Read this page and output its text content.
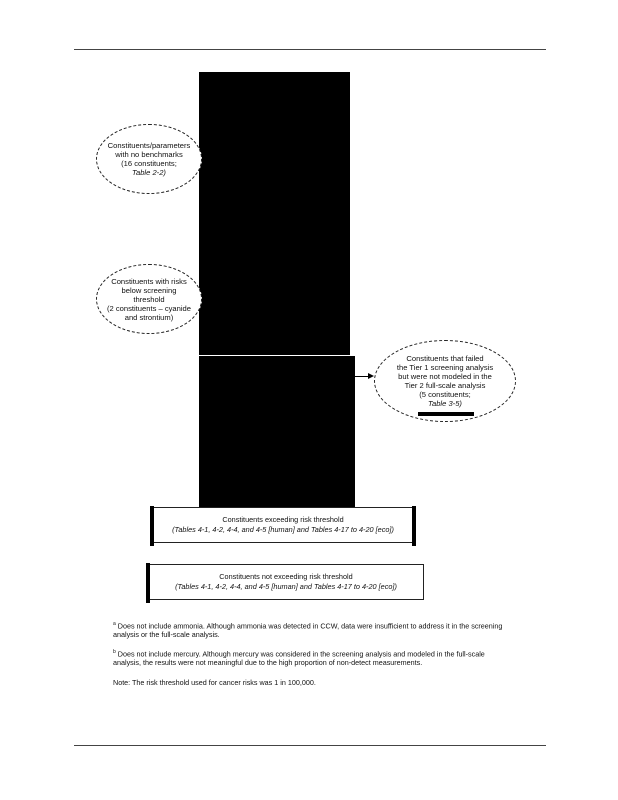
Constituents/parameters
with no benchmarks
(16 constituents;
Table 2-2)
Constituents with risks
below screening threshold
(2 constituents – cyanide
and strontium)
Constituents that failed
the Tier 1 screening analysis
but were not modeled in the
Tier 2 full-scale analysis
(5 constituents;
Table 3-5)
Constituents exceeding risk threshold
(Tables 4-1, 4-2, 4-4, and 4-5 [human] and Tables 4-17 to 4-20 [eco])
Constituents not exceeding risk threshold
(Tables 4-1, 4-2, 4-4, and 4-5 [human] and Tables 4-17 to 4-20 [eco])
$^a$ Does not include ammonia. Although ammonia was detected in CCW, data were insufficient to address it in the screening analysis or the full-scale analysis.
$^b$ Does not include mercury. Although mercury was considered in the screening analysis and modeled in the full-scale analysis, the results were not meaningful due to the high proportion of non-detect measurements.
Note: The risk threshold used for cancer risks was 1 in 100,000.
